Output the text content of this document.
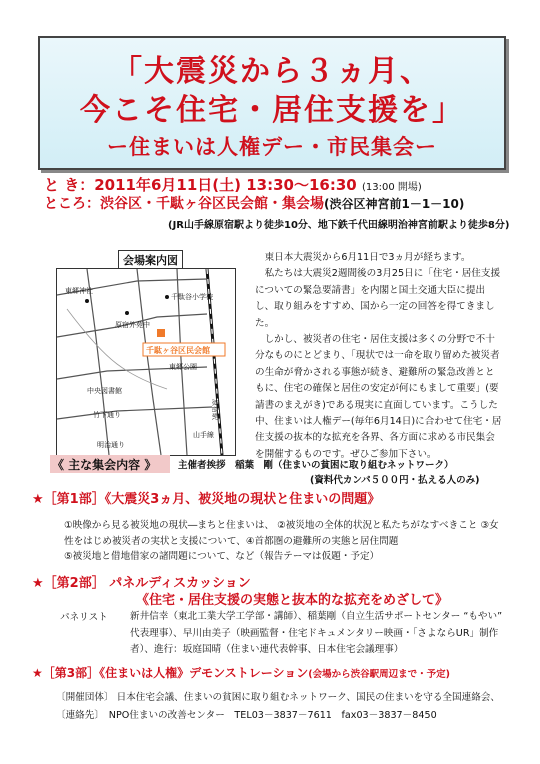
「大震災から３ヵ月、
今こそ住宅・居住支援を」
ー住まいは人権デー・市民集会ー
と き：2011年6月11日(土) 13:30〜16:30 (13:00 開場)
ところ：渋谷区・千駄ヶ谷区民会館・集会場(渋谷区神宮前1－1－10)
(JR山手線原宿駅より徒歩10分、地下鉄千代田線明治神宮前駅より徒歩8分)
会場案内図
千駄ヶ谷区民会館
東郷神社
原宿外苑中
千駄谷小学校
東郷公園
中央図書館
竹下通り
明治通り
原宿駅
山手線

東日本大震災から6月11日で3ヵ月が経ちます。

私たちは大震災2週間後の3月25日に「住宅・居住支援についての緊急要請書」を内閣と国土交通大臣に提出し、取り組みをすすめ、国から一定の回答を得てきました。

しかし、被災者の住宅・居住支援は多くの分野で不十分なものにとどまり、「現状では一命を取り留めた被災者の生命が脅かされる事態が続き、避難所の緊急改善とともに、住宅の確保と居住の安定が何にもまして重要」(要請書のまえがき)である現実に直面しています。こうした中、住まいは人権デー(毎年6月14日)に合わせて住宅・居住支援の抜本的な拡充を各界、各方面に求める市民集会を開催するものです。ぜひご参加下さい。

《 主な集会内容 》 主催者挨拶　稲葉　剛（住まいの貧困に取り組むネットワーク）
(資料代カンパ５００円・払える人のみ)
★［第1部］《大震災3ヵ月、被災地の現状と住まいの問題》
①映像から見る被災地の現状―まちと住まいは、 ②被災地の全体的状況と私たちがなすべきこと ③女性をはじめ被災者の実状と支援について、④首都圏の避難所の実態と居住問題
⑤被災地と借地借家の諸問題について、など（報告テーマは仮題・予定）
★［第2部］ パネルディスカッション
《住宅・居住支援の実態と抜本的な拡充をめざして》
パネリスト 新井信幸（東北工業大学工学部・講師）、稲葉剛（自立生活サポートセンター “もやい” 代表理事）、早川由美子（映画監督・住宅ドキュメンタリー映画・「さよならUR」制作者）、進行：坂庭国晴（住まい連代表幹事、日本住宅会議理事）
★［第3部］《住まいは人権》デモンストレーション(会場から渋谷駅周辺まで・予定)
〔開催団体〕 日本住宅会議、住まいの貧困に取り組むネットワーク、国民の住まいを守る全国連絡会、
〔連絡先〕　NPO住まいの改善センター　TEL03－3837－7611　fax03－3837－8450
